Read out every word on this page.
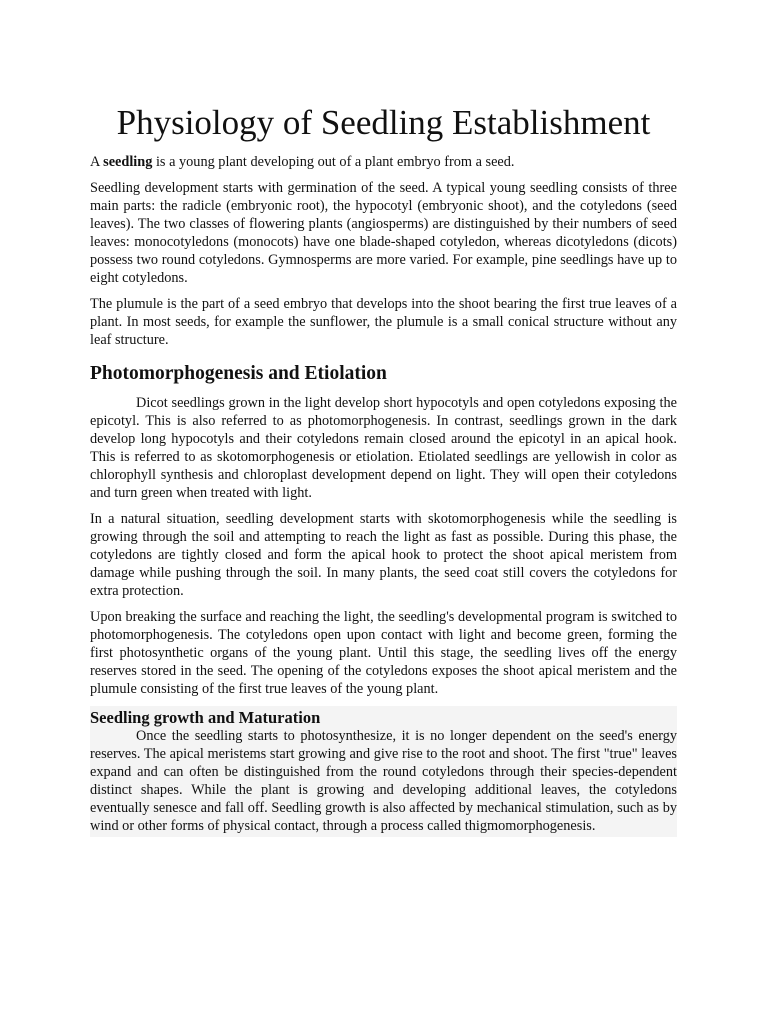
Physiology of Seedling Establishment

A seedling is a young plant developing out of a plant embryo from a seed.

Seedling development starts with germination of the seed. A typical young seedling consists of three main parts: the radicle (embryonic root), the hypocotyl (embryonic shoot), and the cotyledons (seed leaves). The two classes of flowering plants (angiosperms) are distinguished by their numbers of seed leaves: monocotyledons (monocots) have one blade-shaped cotyledon, whereas dicotyledons (dicots) possess two round cotyledons. Gymnosperms are more varied. For example, pine seedlings have up to eight cotyledons.

The plumule is the part of a seed embryo that develops into the shoot bearing the first true leaves of a plant. In most seeds, for example the sunflower, the plumule is a small conical structure without any leaf structure.

Photomorphogenesis and Etiolation

Dicot seedlings grown in the light develop short hypocotyls and open cotyledons exposing the epicotyl. This is also referred to as photomorphogenesis. In contrast, seedlings grown in the dark develop long hypocotyls and their cotyledons remain closed around the epicotyl in an apical hook. This is referred to as skotomorphogenesis or etiolation. Etiolated seedlings are yellowish in color as chlorophyll synthesis and chloroplast development depend on light. They will open their cotyledons and turn green when treated with light.

In a natural situation, seedling development starts with skotomorphogenesis while the seedling is growing through the soil and attempting to reach the light as fast as possible. During this phase, the cotyledons are tightly closed and form the apical hook to protect the shoot apical meristem from damage while pushing through the soil. In many plants, the seed coat still covers the cotyledons for extra protection.

Upon breaking the surface and reaching the light, the seedling's developmental program is switched to photomorphogenesis. The cotyledons open upon contact with light and become green, forming the first photosynthetic organs of the young plant. Until this stage, the seedling lives off the energy reserves stored in the seed. The opening of the cotyledons exposes the shoot apical meristem and the plumule consisting of the first true leaves of the young plant.

Seedling growth and Maturation

Once the seedling starts to photosynthesize, it is no longer dependent on the seed's energy reserves. The apical meristems start growing and give rise to the root and shoot. The first "true" leaves expand and can often be distinguished from the round cotyledons through their species-dependent distinct shapes. While the plant is growing and developing additional leaves, the cotyledons eventually senesce and fall off. Seedling growth is also affected by mechanical stimulation, such as by wind or other forms of physical contact, through a process called thigmomorphogenesis.
